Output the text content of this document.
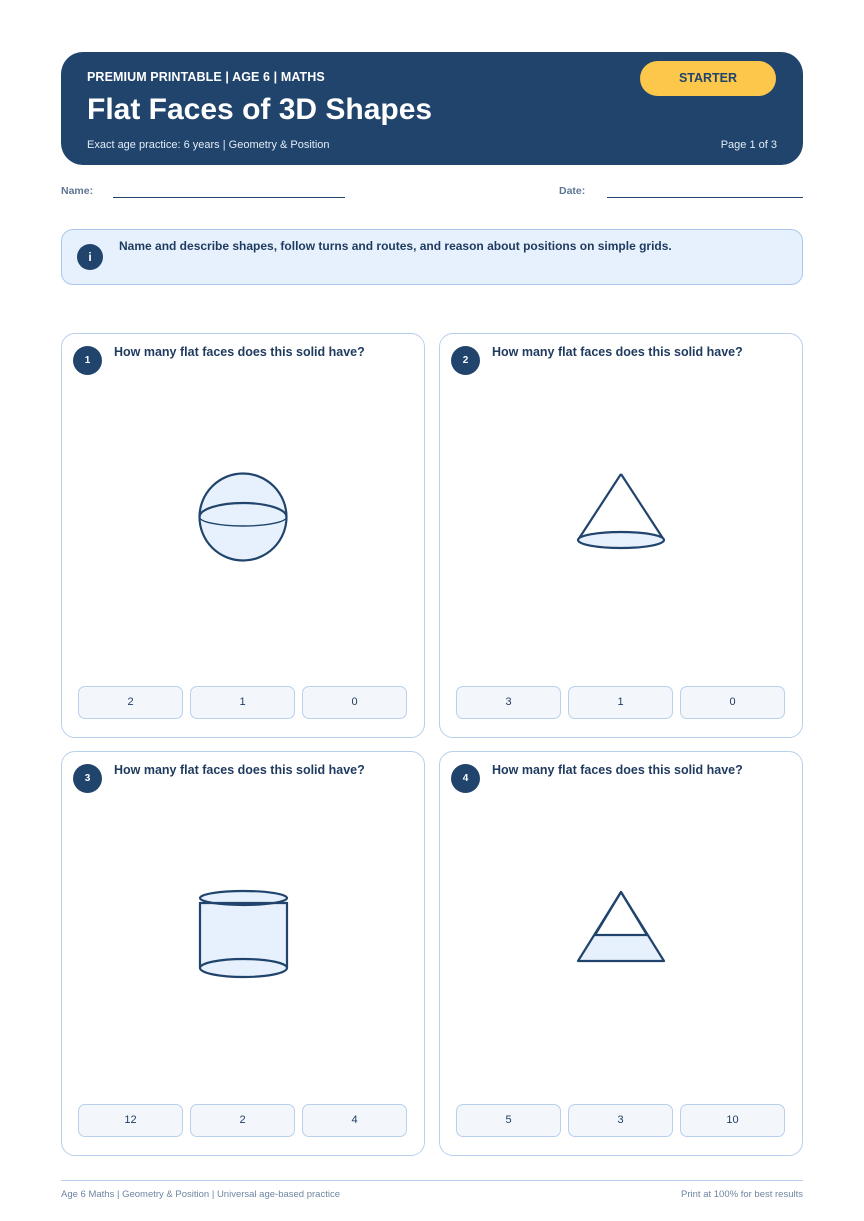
PREMIUM PRINTABLE | AGE 6 | MATHS
Flat Faces of 3D Shapes
Exact age practice: 6 years | Geometry & Position	Page 1 of 3
STARTER
Name:	Date:
i
Name and describe shapes, follow turns and routes, and reason about positions on simple grids.
1
How many flat faces does this solid have?
2	1	0
2
How many flat faces does this solid have?
3	1	0
3
How many flat faces does this solid have?
12	2	4
4
How many flat faces does this solid have?
5	3	10
Age 6 Maths | Geometry & Position | Universal age-based practice	Print at 100% for best results
